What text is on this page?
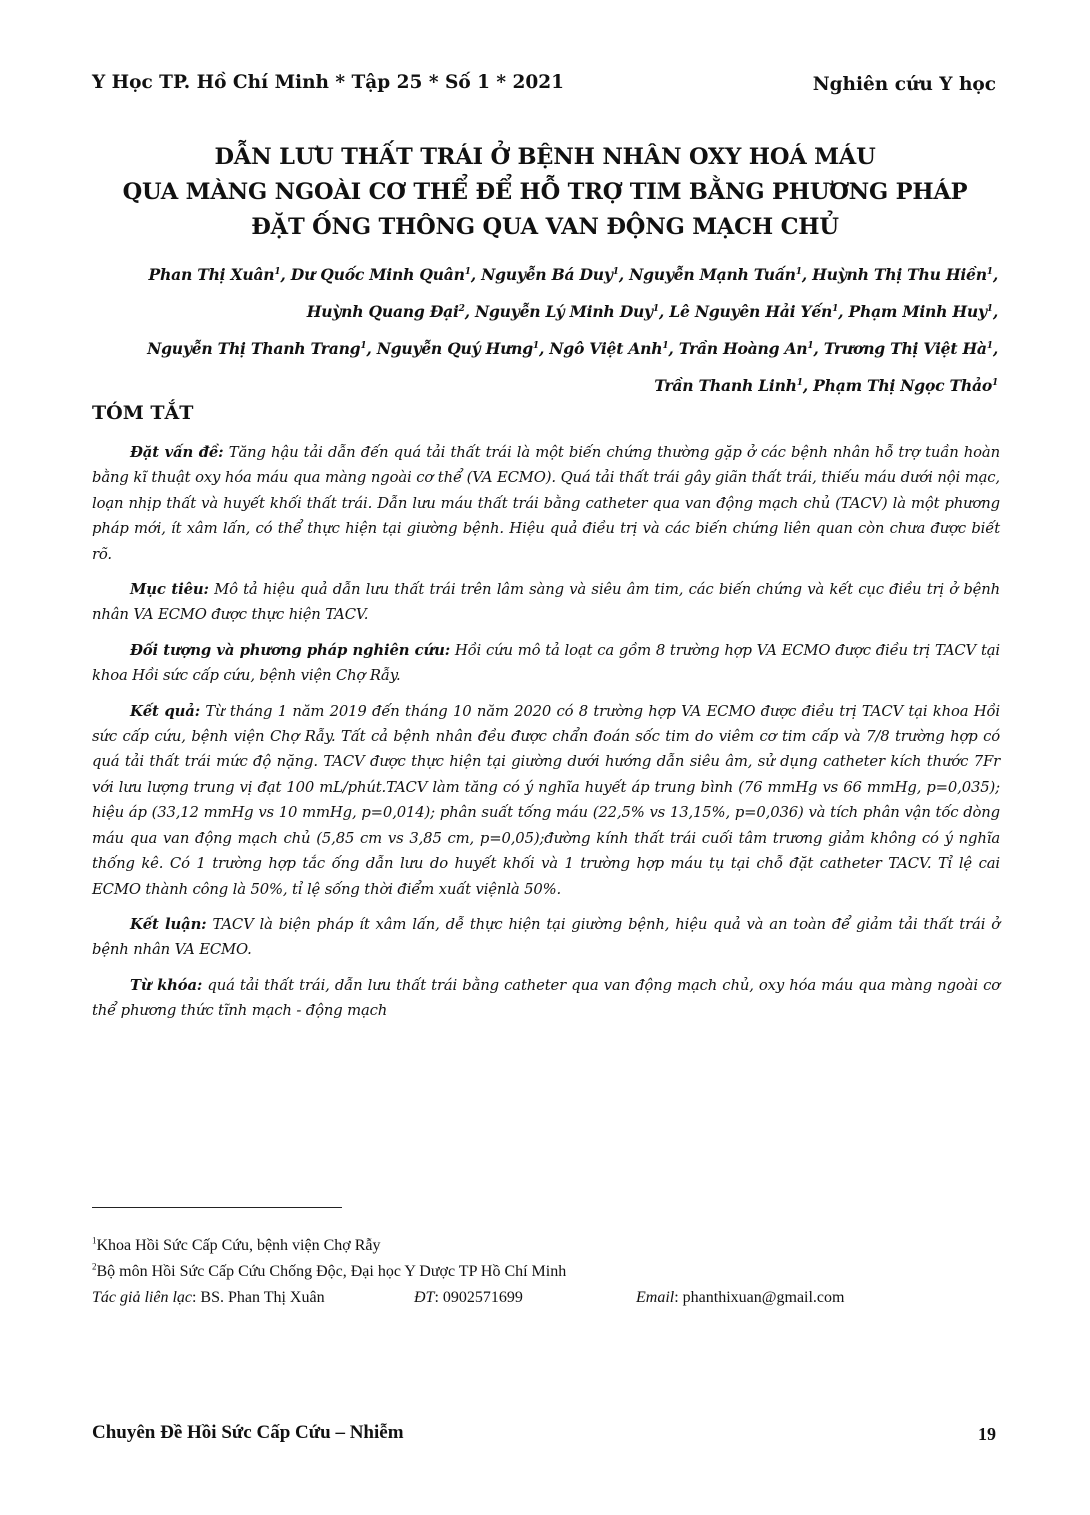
Y Học TP. Hồ Chí Minh * Tập 25 * Số 1 * 2021	Nghiên cứu Y học
DẪN LƯU THẤT TRÁI Ở BỆNH NHÂN OXY HOÁ MÁU
QUA MÀNG NGOÀI CƠ THỂ ĐỂ HỖ TRỢ TIM BẰNG PHƯƠNG PHÁP
ĐẶT ỐNG THÔNG QUA VAN ĐỘNG MẠCH CHỦ
Phan Thị Xuân$^1$, Dư Quốc Minh Quân$^1$, Nguyễn Bá Duy$^1$, Nguyễn Mạnh Tuấn$^1$, Huỳnh Thị Thu Hiền$^1$,
Huỳnh Quang Đại$^2$, Nguyễn Lý Minh Duy$^1$, Lê Nguyên Hải Yến$^1$, Phạm Minh Huy$^1$,
Nguyễn Thị Thanh Trang$^1$, Nguyễn Quý Hưng$^1$, Ngô Việt Anh$^1$, Trần Hoàng An$^1$, Trương Thị Việt $Hà^1$,
Trần Thanh Linh$^1$, Phạm Thị Ngọc Thảo$^1$
TÓM TẮT

Đặt vấn đề: Tăng hậu tải dẫn đến quá tải thất trái là một biến chứng thường gặp ở các bệnh nhân hỗ trợ tuần hoàn bằng kĩ thuật oxy hóa máu qua màng ngoài cơ thể (VA ECMO). Quá tải thất trái gây giãn thất trái, thiếu máu dưới nội mạc, loạn nhịp thất và huyết khối thất trái. Dẫn lưu máu thất trái bằng catheter qua van động mạch chủ (TACV) là một phương pháp mới, ít xâm lấn, có thể thực hiện tại giường bệnh. Hiệu quả điều trị và các biến chứng liên quan còn chưa được biết rõ.

Mục tiêu: Mô tả hiệu quả dẫn lưu thất trái trên lâm sàng và siêu âm tim, các biến chứng và kết cục điều trị ở bệnh nhân VA ECMO được thực hiện TACV.

Đối tượng và phương pháp nghiên cứu: Hồi cứu mô tả loạt ca gồm 8 trường hợp VA ECMO được điều trị TACV tại khoa Hồi sức cấp cứu, bệnh viện Chợ Rẫy.

Kết quả: Từ tháng 1 năm 2019 đến tháng 10 năm 2020 có 8 trường hợp VA ECMO được điều trị TACV tại khoa Hồi sức cấp cứu, bệnh viện Chợ Rẫy. Tất cả bệnh nhân đều được chẩn đoán sốc tim do viêm cơ tim cấp và 7/8 trường hợp có quá tải thất trái mức độ nặng. TACV được thực hiện tại giường dưới hướng dẫn siêu âm, sử dụng catheter kích thước 7Fr với lưu lượng trung vị đạt 100 mL/phút.TACV làm tăng có ý nghĩa huyết áp trung bình (76 mmHg vs 66 mmHg, p=0,035); hiệu áp (33,12 mmHg vs 10 mmHg, p=0,014); phân suất tống máu (22,5% vs 13,15%, p=0,036) và tích phân vận tốc dòng máu qua van động mạch chủ (5,85 cm vs 3,85 cm, p=0,05);đường kính thất trái cuối tâm trương giảm không có ý nghĩa thống kê. Có 1 trường hợp tắc ống dẫn lưu do huyết khối và 1 trường hợp máu tụ tại chỗ đặt catheter TACV. Tỉ lệ cai ECMO thành công là 50%, tỉ lệ sống thời điểm xuất việnlà 50%.

Kết luận: TACV là biện pháp ít xâm lấn, dễ thực hiện tại giường bệnh, hiệu quả và an toàn để giảm tải thất trái ở bệnh nhân VA ECMO.

Từ khóa: quá tải thất trái, dẫn lưu thất trái bằng catheter qua van động mạch chủ, oxy hóa máu qua màng ngoài cơ thể phương thức tĩnh mạch - động mạch

$^1$Khoa Hồi Sức Cấp Cứu, bệnh viện Chợ Rẫy
$^2$Bộ môn Hồi Sức Cấp Cứu Chống Độc, Đại học Y Dược TP Hồ Chí Minh
Tác giả liên lạc: BS. Phan Thị Xuân	ĐT: 0902571699	Email: phanthixuan@gmail.com
Chuyên Đề Hồi Sức Cấp Cứu – Nhiễm	19
